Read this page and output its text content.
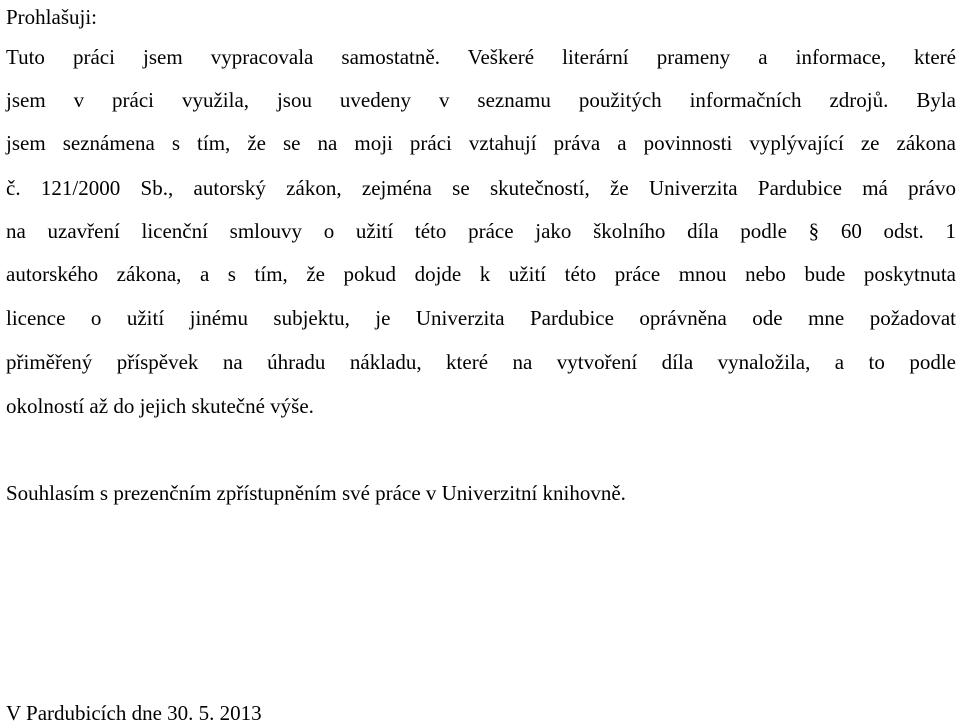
Prohlašuji:
Tuto práci jsem vypracovala samostatně. Veškeré literární prameny a informace, které
jsem v práci využila, jsou uvedeny v seznamu použitých informačních zdrojů. Byla
jsem seznámena s tím, že se na moji práci vztahují práva a povinnosti vyplývající ze zákona
č. 121/2000 Sb., autorský zákon, zejména se skutečností, že Univerzita Pardubice má právo
na uzavření licenční smlouvy o užití této práce jako školního díla podle § 60 odst. 1
autorského zákona, a s tím, že pokud dojde k užití této práce mnou nebo bude poskytnuta
licence o užití jinému subjektu, je Univerzita Pardubice oprávněna ode mne požadovat
přiměřený příspěvek na úhradu nákladu, které na vytvoření díla vynaložila, a to podle
okolností až do jejich skutečné výše.
Souhlasím s prezenčním zpřístupněním své práce v Univerzitní knihovně.
V Pardubicích dne 30. 5. 2013
